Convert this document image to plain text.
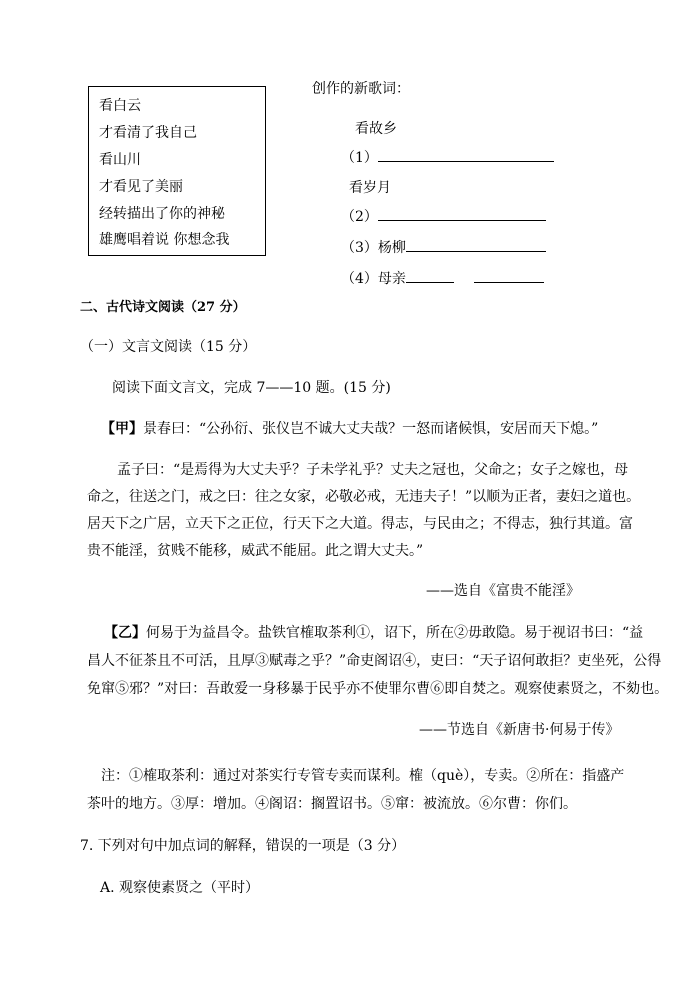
看白云
才看清了我自己
看山川
才看见了美丽
经转描出了你的神秘
雄鹰唱着说 你想念我
创作的新歌词：
看故乡
（1）
看岁月
（2）
（3）杨柳
（4）母亲
二、古代诗文阅读（27 分）
（一）文言文阅读（15 分）
阅读下面文言文，完成 7——10 题。(15 分)
【甲】景春曰：“公孙衍、张仪岂不诚大丈夫哉？一怒而诸候惧，安居而天下熄。”
孟子曰：“是焉得为大丈夫乎？子未学礼乎？丈夫之冠也，父命之；女子之嫁也，母
命之，往送之门，戒之曰：往之女家，必敬必戒，无违夫子！”以顺为正者，妻妇之道也。
居天下之广居，立天下之正位，行天下之大道。得志，与民由之；不得志，独行其道。富
贵不能淫，贫贱不能移，威武不能屈。此之谓大丈夫。”
——选自《富贵不能淫》
【乙】何易于为益昌令。盐铁官榷取茶利①，诏下，所在②毋敢隐。易于视诏书曰：“益
昌人不征茶且不可活，且厚③赋毒之乎？”命吏阁诏④，吏曰：“天子诏何敢拒？吏坐死，公得
免窜⑤邪？”对曰：吾敢爱一身移暴于民乎亦不使罪尔曹⑥即自焚之。观察使素贤之，不劾也。
——节选自《新唐书·何易于传》
注：①榷取茶利：通过对茶实行专管专卖而谋利。榷（què），专卖。②所在：指盛产
茶叶的地方。③厚：增加。④阁诏：搁置诏书。⑤窜：被流放。⑥尔曹：你们。
7. 下列对句中加点词的解释，错误的一项是（3 分）
A. 观察使素贤之（平时）
